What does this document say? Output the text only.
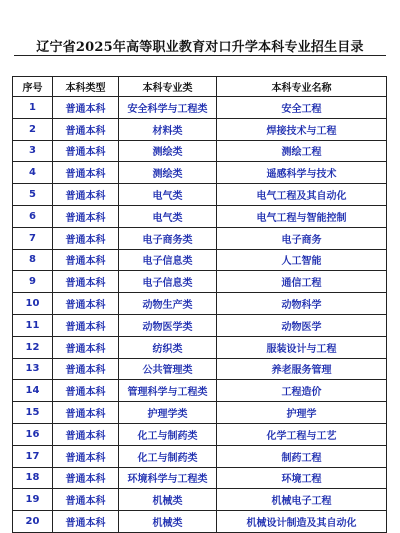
辽宁省2025年高等职业教育对口升学本科专业招生目录
序号	本科类型	本科专业类	本科专业名称
1	普通本科	安全科学与工程类	安全工程
2	普通本科	材料类	焊接技术与工程
3	普通本科	测绘类	测绘工程
4	普通本科	测绘类	遥感科学与技术
5	普通本科	电气类	电气工程及其自动化
6	普通本科	电气类	电气工程与智能控制
7	普通本科	电子商务类	电子商务
8	普通本科	电子信息类	人工智能
9	普通本科	电子信息类	通信工程
10	普通本科	动物生产类	动物科学
11	普通本科	动物医学类	动物医学
12	普通本科	纺织类	服装设计与工程
13	普通本科	公共管理类	养老服务管理
14	普通本科	管理科学与工程类	工程造价
15	普通本科	护理学类	护理学
16	普通本科	化工与制药类	化学工程与工艺
17	普通本科	化工与制药类	制药工程
18	普通本科	环境科学与工程类	环境工程
19	普通本科	机械类	机械电子工程
20	普通本科	机械类	机械设计制造及其自动化
